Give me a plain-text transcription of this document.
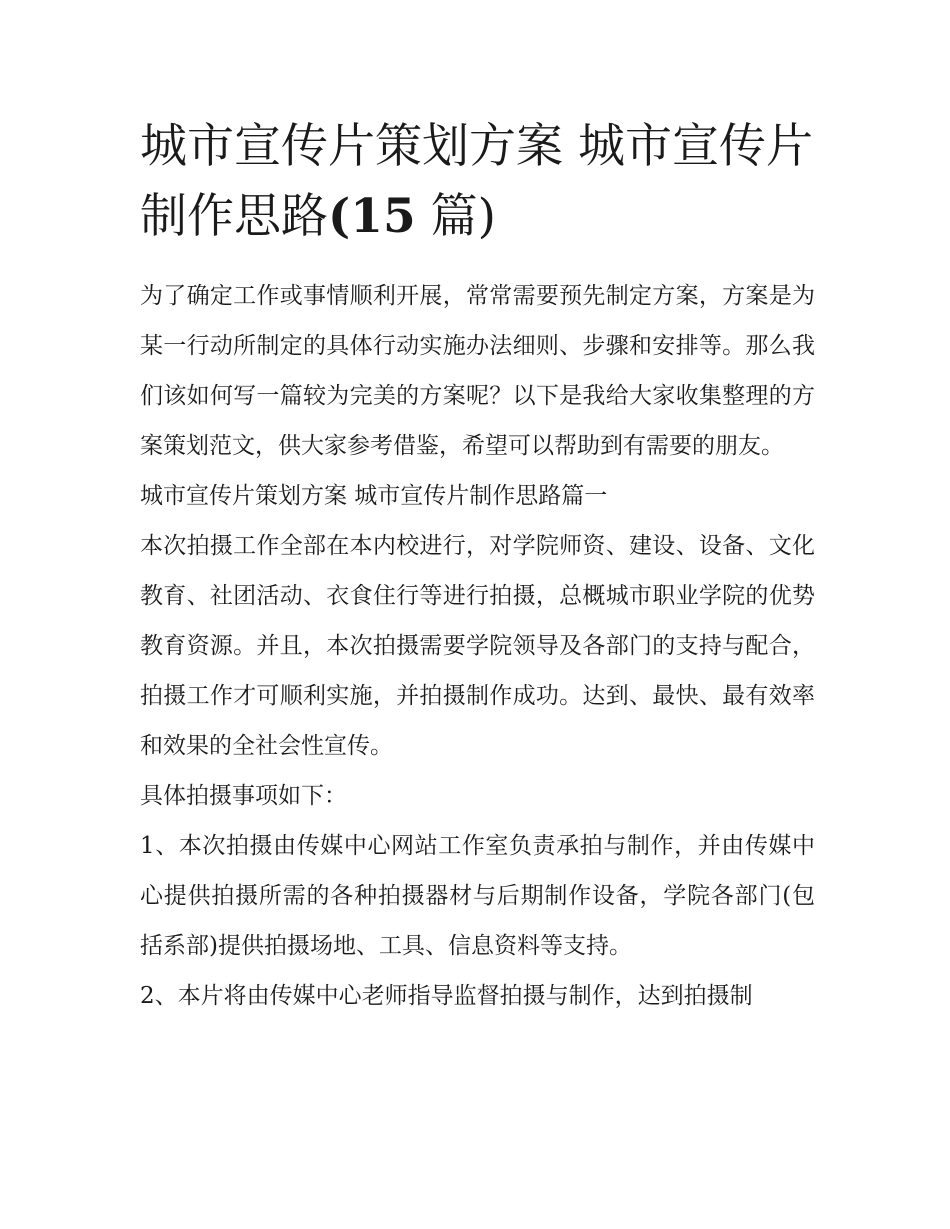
城市宣传片策划方案 城市宣传片制作思路(15 篇)

为了确定工作或事情顺利开展，常常需要预先制定方案，方案是为某一行动所制定的具体行动实施办法细则、步骤和安排等。那么我们该如何写一篇较为完美的方案呢？以下是我给大家收集整理的方案策划范文，供大家参考借鉴，希望可以帮助到有需要的朋友。

城市宣传片策划方案 城市宣传片制作思路篇一

本次拍摄工作全部在本内校进行，对学院师资、建设、设备、文化教育、社团活动、衣食住行等进行拍摄，总概城市职业学院的优势教育资源。并且，本次拍摄需要学院领导及各部门的支持与配合，拍摄工作才可顺利实施，并拍摄制作成功。达到、最快、最有效率和效果的全社会性宣传。

具体拍摄事项如下：

1、本次拍摄由传媒中心网站工作室负责承拍与制作，并由传媒中心提供拍摄所需的各种拍摄器材与后期制作设备，学院各部门(包括系部)提供拍摄场地、工具、信息资料等支持。

2、本片将由传媒中心老师指导监督拍摄与制作，达到拍摄制
